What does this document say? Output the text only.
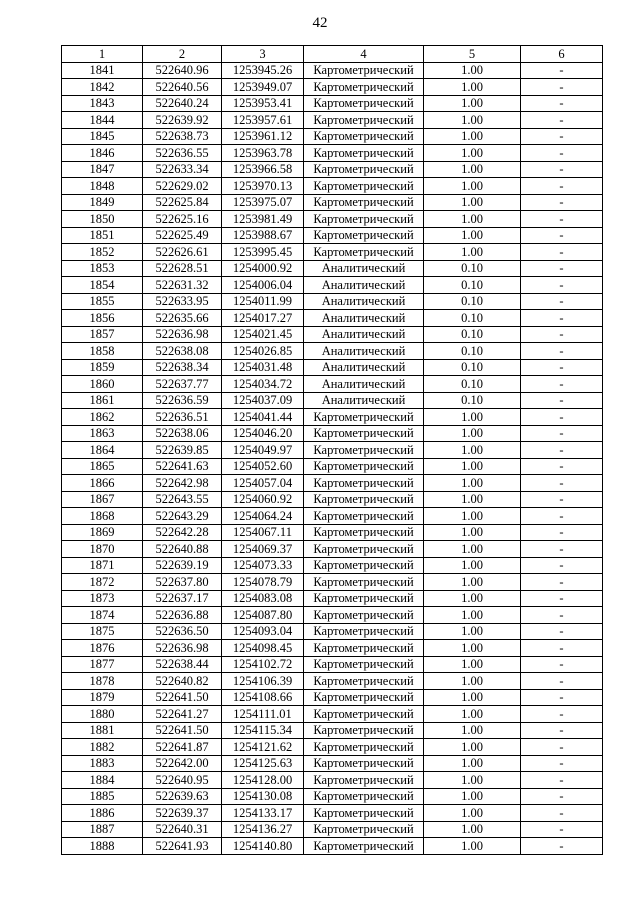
42
1	2	3	4	5	6
1841	522640.96	1253945.26	Картометрический	1.00	-
1842	522640.56	1253949.07	Картометрический	1.00	-
1843	522640.24	1253953.41	Картометрический	1.00	-
1844	522639.92	1253957.61	Картометрический	1.00	-
1845	522638.73	1253961.12	Картометрический	1.00	-
1846	522636.55	1253963.78	Картометрический	1.00	-
1847	522633.34	1253966.58	Картометрический	1.00	-
1848	522629.02	1253970.13	Картометрический	1.00	-
1849	522625.84	1253975.07	Картометрический	1.00	-
1850	522625.16	1253981.49	Картометрический	1.00	-
1851	522625.49	1253988.67	Картометрический	1.00	-
1852	522626.61	1253995.45	Картометрический	1.00	-
1853	522628.51	1254000.92	Аналитический	0.10	-
1854	522631.32	1254006.04	Аналитический	0.10	-
1855	522633.95	1254011.99	Аналитический	0.10	-
1856	522635.66	1254017.27	Аналитический	0.10	-
1857	522636.98	1254021.45	Аналитический	0.10	-
1858	522638.08	1254026.85	Аналитический	0.10	-
1859	522638.34	1254031.48	Аналитический	0.10	-
1860	522637.77	1254034.72	Аналитический	0.10	-
1861	522636.59	1254037.09	Аналитический	0.10	-
1862	522636.51	1254041.44	Картометрический	1.00	-
1863	522638.06	1254046.20	Картометрический	1.00	-
1864	522639.85	1254049.97	Картометрический	1.00	-
1865	522641.63	1254052.60	Картометрический	1.00	-
1866	522642.98	1254057.04	Картометрический	1.00	-
1867	522643.55	1254060.92	Картометрический	1.00	-
1868	522643.29	1254064.24	Картометрический	1.00	-
1869	522642.28	1254067.11	Картометрический	1.00	-
1870	522640.88	1254069.37	Картометрический	1.00	-
1871	522639.19	1254073.33	Картометрический	1.00	-
1872	522637.80	1254078.79	Картометрический	1.00	-
1873	522637.17	1254083.08	Картометрический	1.00	-
1874	522636.88	1254087.80	Картометрический	1.00	-
1875	522636.50	1254093.04	Картометрический	1.00	-
1876	522636.98	1254098.45	Картометрический	1.00	-
1877	522638.44	1254102.72	Картометрический	1.00	-
1878	522640.82	1254106.39	Картометрический	1.00	-
1879	522641.50	1254108.66	Картометрический	1.00	-
1880	522641.27	1254111.01	Картометрический	1.00	-
1881	522641.50	1254115.34	Картометрический	1.00	-
1882	522641.87	1254121.62	Картометрический	1.00	-
1883	522642.00	1254125.63	Картометрический	1.00	-
1884	522640.95	1254128.00	Картометрический	1.00	-
1885	522639.63	1254130.08	Картометрический	1.00	-
1886	522639.37	1254133.17	Картометрический	1.00	-
1887	522640.31	1254136.27	Картометрический	1.00	-
1888	522641.93	1254140.80	Картометрический	1.00	-
